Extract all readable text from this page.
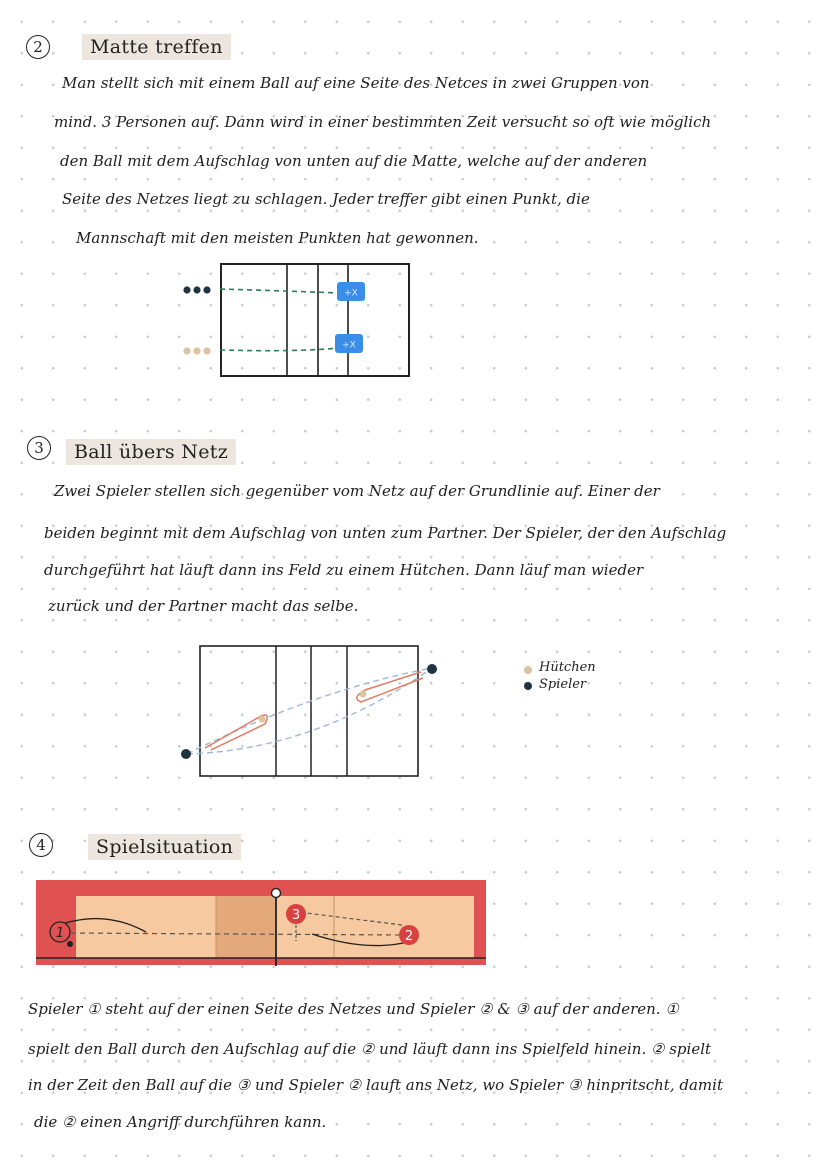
2	Matte treffen
Man stellt sich mit einem Ball auf eine Seite des Netces in zwei Gruppen von
mind. 3 Personen auf. Dann wird in einer bestimmten Zeit versucht so oft wie möglich
den Ball mit dem Aufschlag von unten auf die Matte, welche auf der anderen
Seite des Netzes liegt zu schlagen. Jeder treffer gibt einen Punkt, die
Mannschaft mit den meisten Punkten hat gewonnen.
+X
+X
3	Ball übers Netz
Zwei Spieler stellen sich gegenüber vom Netz auf der Grundlinie auf. Einer der
beiden beginnt mit dem Aufschlag von unten zum Partner. Der Spieler, der den Aufschlag
durchgeführt hat läuft dann ins Feld zu einem Hütchen. Dann läuf man wieder
zurück und der Partner macht das selbe.
Hütchen
Spieler
4	Spielsituation
1
3
2
Spieler ① steht auf der einen Seite des Netzes und Spieler ② & ③ auf der anderen. ①
spielt den Ball durch den Aufschlag auf die ② und läuft dann ins Spielfeld hinein. ② spielt
in der Zeit den Ball auf die ③ und Spieler ② lauft ans Netz, wo Spieler ③ hinpritscht, damit
die ② einen Angriff durchführen kann.
